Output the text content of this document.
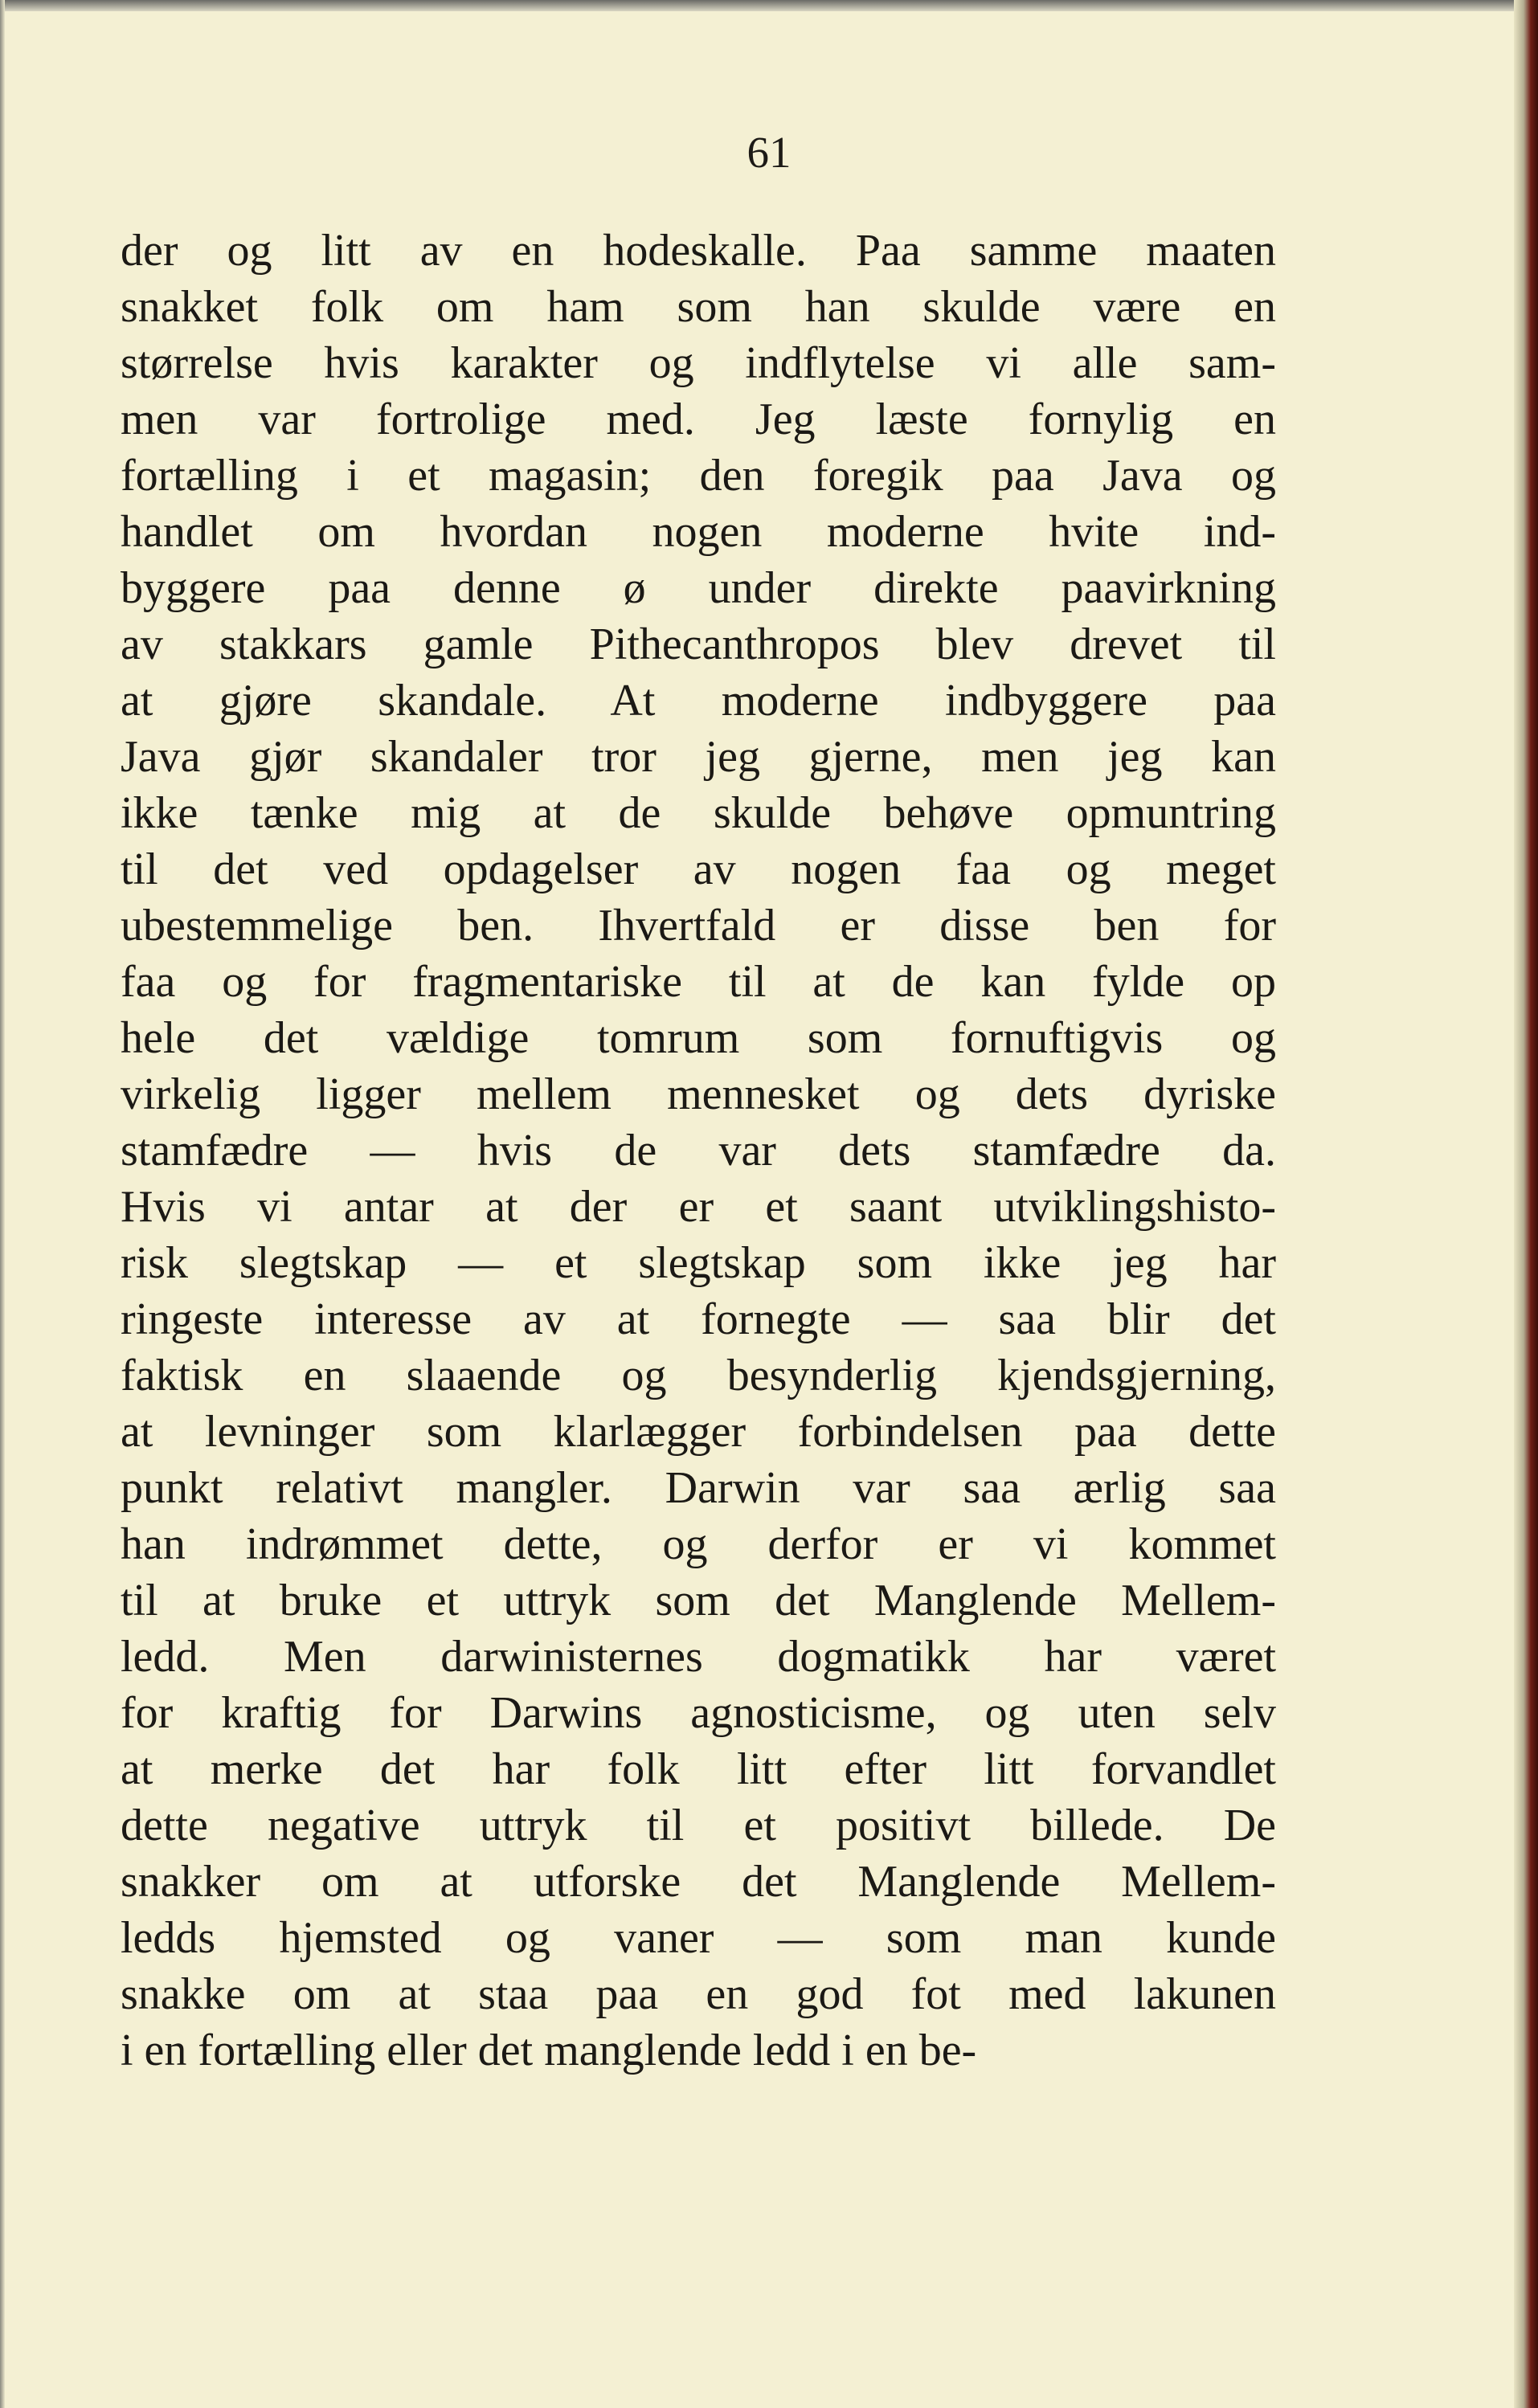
61

der og litt av en hodeskalle. Paa samme maaten
snakket folk om ham som han skulde være en
størrelse hvis karakter og indflytelse vi alle sam-
men var fortrolige med. Jeg læste fornylig en
fortælling i et magasin; den foregik paa Java og
handlet om hvordan nogen moderne hvite ind-
byggere paa denne ø under direkte paavirkning
av stakkars gamle Pithecanthropos blev drevet til
at gjøre skandale. At moderne indbyggere paa
Java gjør skandaler tror jeg gjerne, men jeg kan
ikke tænke mig at de skulde behøve opmuntring
til det ved opdagelser av nogen faa og meget
ubestemmelige ben. Ihvertfald er disse ben for
faa og for fragmentariske til at de kan fylde op
hele det vældige tomrum som fornuftigvis og
virkelig ligger mellem mennesket og dets dyriske
stamfædre — hvis de var dets stamfædre da.
Hvis vi antar at der er et saant utviklingshisto-
risk slegtskap — et slegtskap som ikke jeg har
ringeste interesse av at fornegte — saa blir det
faktisk en slaaende og besynderlig kjendsgjerning,
at levninger som klarlægger forbindelsen paa dette
punkt relativt mangler. Darwin var saa ærlig saa
han indrømmet dette, og derfor er vi kommet
til at bruke et uttryk som det Manglende Mellem-
ledd. Men darwinisternes dogmatikk har været
for kraftig for Darwins agnosticisme, og uten selv
at merke det har folk litt efter litt forvandlet
dette negative uttryk til et positivt billede. De
snakker om at utforske det Manglende Mellem-
ledds hjemsted og vaner — som man kunde
snakke om at staa paa en god fot med lakunen
i en fortælling eller det manglende ledd i en be-
